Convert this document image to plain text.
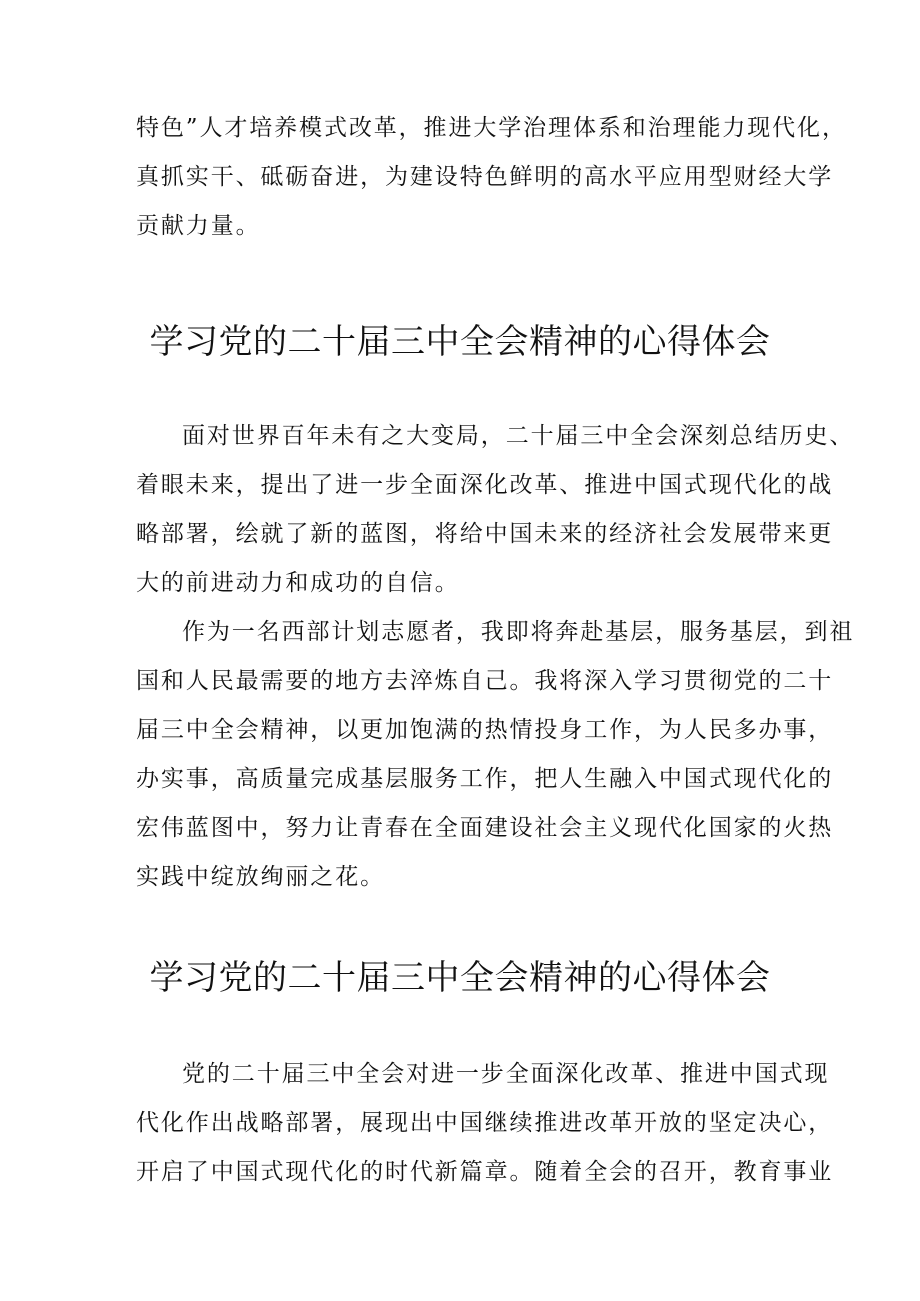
特色”人才培养模式改革，推进大学治理体系和治理能力现代化，
真抓实干、砥砺奋进，为建设特色鲜明的高水平应用型财经大学
贡献力量。
学习党的二十届三中全会精神的心得体会
面对世界百年未有之大变局，二十届三中全会深刻总结历史、
着眼未来，提出了进一步全面深化改革、推进中国式现代化的战
略部署，绘就了新的蓝图，将给中国未来的经济社会发展带来更
大的前进动力和成功的自信。
作为一名西部计划志愿者，我即将奔赴基层，服务基层，到祖
国和人民最需要的地方去淬炼自己。我将深入学习贯彻党的二十
届三中全会精神，以更加饱满的热情投身工作，为人民多办事，
办实事，高质量完成基层服务工作，把人生融入中国式现代化的
宏伟蓝图中，努力让青春在全面建设社会主义现代化国家的火热
实践中绽放绚丽之花。
学习党的二十届三中全会精神的心得体会
党的二十届三中全会对进一步全面深化改革、推进中国式现
代化作出战略部署，展现出中国继续推进改革开放的坚定决心，
开启了中国式现代化的时代新篇章。随着全会的召开，教育事业
